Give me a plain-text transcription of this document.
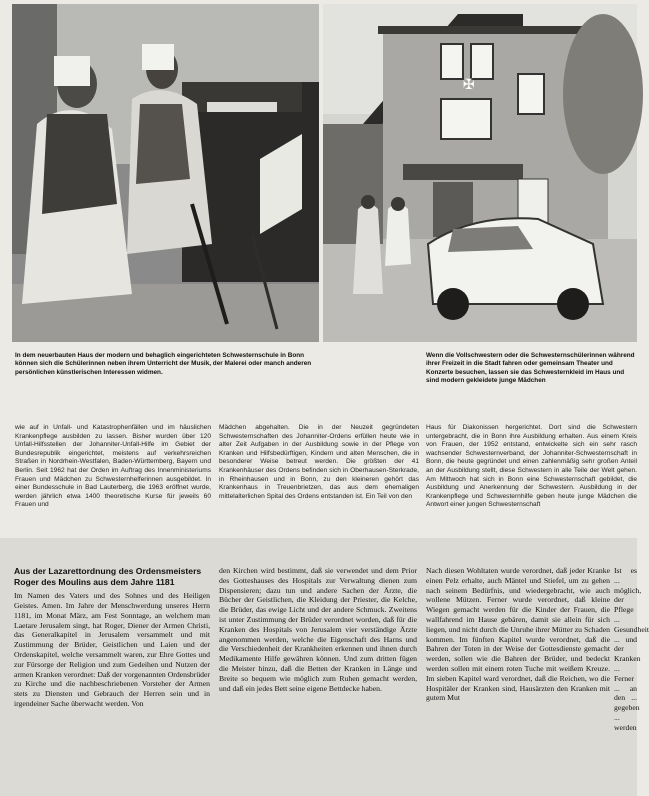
✠
In dem neuerbauten Haus der modern und behaglich eingerichteten Schwesternschule in Bonn können sich die Schülerinnen neben ihrem Unterricht der Musik, der Malerei oder manch anderen persönlichen künstlerischen Interessen widmen.
Wenn die Vollschwestern oder die Schwesternschülerinnen während ihrer Freizeit in die Stadt fahren oder gemeinsam Theater und Konzerte besuchen, lassen sie das Schwesternkleid im Haus und sind modern gekleidete junge Mädchen
wie auf in Unfall- und Katastrophenfällen und im häuslichen Krankenpflege ausbilden zu lassen. Bisher wurden über 120 Unfall-Hilfsstellen der Johanniter-Unfall-Hilfe im Gebiet der Bundesrepublik eingerichtet, meistens auf verkehrsreichen Straßen in Nordrhein-Westfalen, Baden-Württemberg, Bayern und Berlin. Seit 1962 hat der Orden im Auftrag des Innenministeriums Frauen und Mädchen zu Schwesternhelferinnen ausgebildet. In einer Bundesschule in Bad Lauterberg, die 1963 eröffnet wurde, werden jährlich etwa 1400 theoretische Kurse für jeweils 60 Frauen und
Mädchen abgehalten. Die in der Neuzeit gegründeten Schwesternschaften des Johanniter-Ordens erfüllen heute wie in alter Zeit Aufgaben in der Ausbildung sowie in der Pflege von Kranken und Hilfsbedürftigen, Kindern und alten Menschen, die in besonderer Weise betreut werden. Die größten der 41 Krankenhäuser des Ordens befinden sich in Oberhausen-Sterkrade, in Rheinhausen und in Bonn, zu den kleineren gehört das Krankenhaus in Treuenbrietzen, das aus dem ehemaligen mittelalterlichen Spital des Ordens entstanden ist. Ein Teil von den
Haus für Diakonissen hergerichtet. Dort sind die Schwestern untergebracht, die in Bonn ihre Ausbildung erhalten. Aus einem Kreis von Frauen, der 1952 entstand, entwickelte sich ein sehr rasch wachsender Schwesternverband, der Johanniter-Schwesternschaft in Bonn, die heute gegründet und einen zahlenmäßig sehr großen Anteil an der Ausbildung stellt, diese Schwestern in alle Teile der Welt gehen. Am Mittwoch hat sich in Bonn eine Schwesternschaft gebildet, die Ausbildung und Anerkennung der Schwestern. Ausbildung in der Krankenpflege und Schwesternhilfe geben heute junge Mädchen die Antwort einer jungen Schwesternschaft
Aus der Lazarettordnung des Ordensmeisters Roger des Moulins aus dem Jahre 1181

Im Namen des Vaters und des Sohnes und des Heiligen Geistes. Amen. Im Jahre der Menschwerdung unseres Herrn 1181, im Monat März, am Fest Sonntage, an welchem man Laetare Jerusalem singt, hat Roger, Diener der Armen Christi, das Generalkapitel in Jerusalem versammelt und mit Zustimmung der Brüder, Geistlichen und Laien und der Ordenskapitel, welche versammelt waren, zur Ehre Gottes und zur Fürsorge der Religion und zum Gedeihen und Nutzen der armen Kranken verordnet: Daß der vorgenannten Ordensbrüder zu Kirche und die nachbeschriebenen Vorsteher der Armen stets zu Diensten und Gebrauch der Herren sein und in irgendeiner Sache überwacht werden. Von

den Kirchen wird bestimmt, daß sie verwendet und dem Prior des Gotteshauses des Hospitals zur Verwaltung dienen zum Dispensieren; dazu tun und andere Sachen der Ärzte, die Bücher der Geistlichen, die Kleidung der Priester, die Kelche, die Brüder, das ewige Licht und der andere Schmuck. Zweitens ist unter Zustimmung der Brüder verordnet worden, daß für die Kranken des Hospitals von Jerusalem vier verständige Ärzte angenommen werden, welche die Eigenschaft des Harns und die Verschiedenheit der Krankheiten erkennen und ihnen durch Medikamente Hilfe gewähren können. Und zum dritten fügen die Meister hinzu, daß die Betten der Kranken in Länge und Breite so bequem wie möglich zum Ruhen gemacht werden, und daß ein jedes Bett seine eigene Bettdecke haben.
Nach diesen Wohltaten wurde verordnet, daß jeder Kranke einen Pelz erhalte, auch Mäntel und Stiefel, um zu gehen nach seinem Bedürfnis, und wiedergebracht, wie auch wollene Mützen. Ferner wurde verordnet, daß kleine Wiegen gemacht werden für die Kinder der Frauen, die wallfahrend im Hause gebären, damit sie allein für sich liegen, und nicht durch die Unruhe ihrer Mütter zu Schaden kommen. Im fünften Kapitel wurde verordnet, daß die Bahren der Toten in der Weise der Gottesdienste gemacht werden, sollen wie die Bahren der Brüder, und bedeckt werden sollen mit einem roten Tuche mit weißem Kreuze. Im sieben Kapitel ward verordnet, daß die Reichen, wo die Hospitäler der Kranken sind, Hausärzten den Kranken mit gutem Mut
Ist es ... möglich, der Pflege ... Gesundheit ... und der Kranken ... Ferner ... an den ... gegeben ... werden
